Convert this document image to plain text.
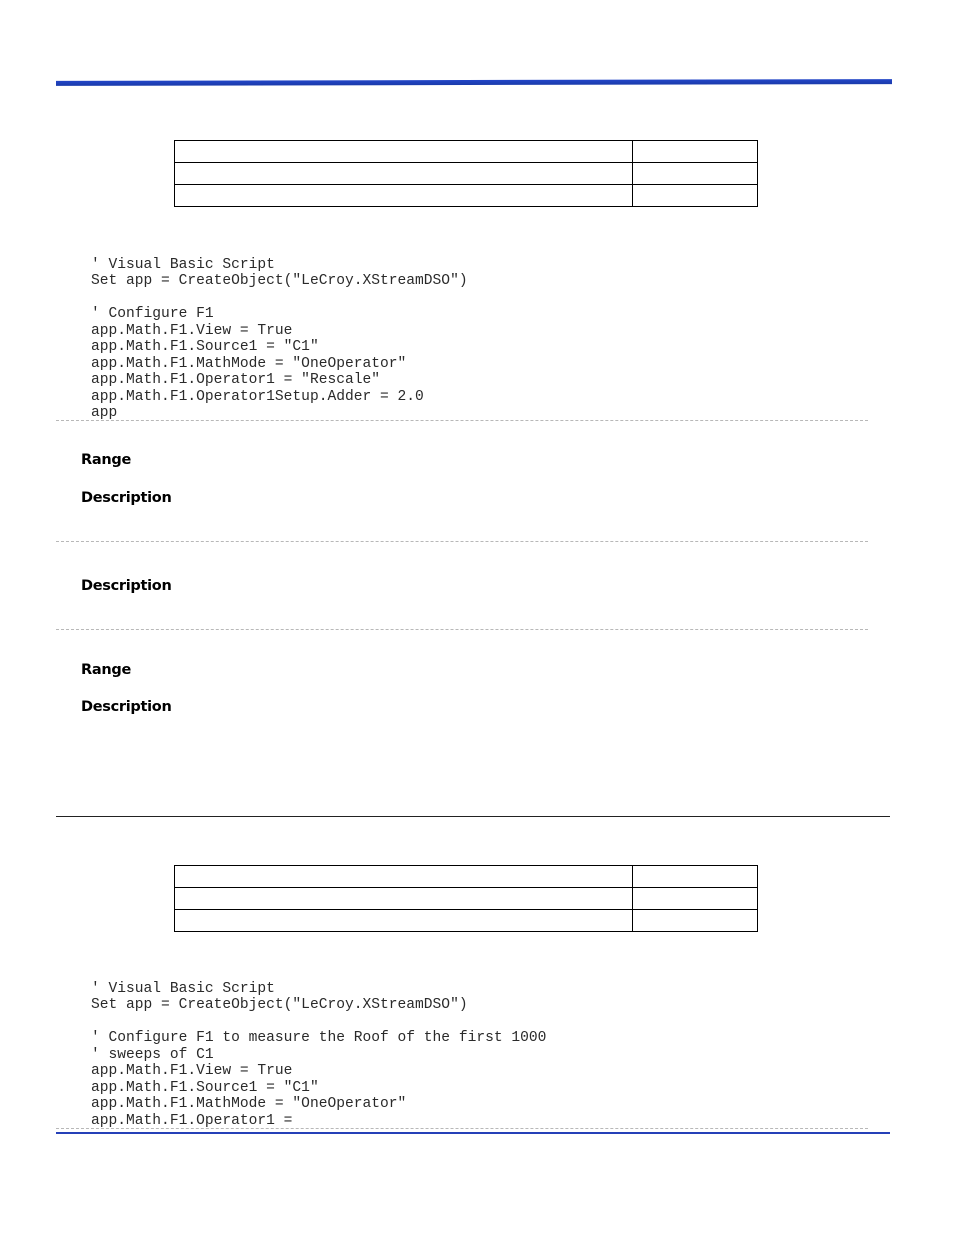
' Visual Basic Script
Set app = CreateObject("LeCroy.XStreamDSO")

' Configure F1
app.Math.F1.View = True
app.Math.F1.Source1 = "C1"
app.Math.F1.MathMode = "OneOperator"
app.Math.F1.Operator1 = "Rescale"
app.Math.F1.Operator1Setup.Adder = 2.0
app

Range

Description

Description

Range

Description

' Visual Basic Script
Set app = CreateObject("LeCroy.XStreamDSO")

' Configure F1 to measure the Roof of the first 1000
' sweeps of C1
app.Math.F1.View = True
app.Math.F1.Source1 = "C1"
app.Math.F1.MathMode = "OneOperator"
app.Math.F1.Operator1 =
